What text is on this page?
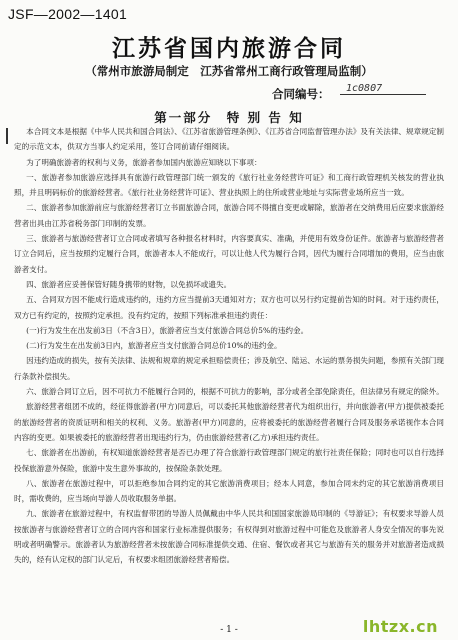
JSF—2002—1401
江苏省国内旅游合同
（常州市旅游局制定　江苏省常州工商行政管理局监制）
合同编号：	1c0807
第一部分　特 别 告 知

本合同文本是根据《中华人民共和国合同法》、《江苏省旅游管理条例》、《江苏省合同监督管理办法》及有关法律、规章规定制定的示范文本，供双方当事人约定采用，签订合同前请仔细阅读。

为了明确旅游者的权利与义务，旅游者参加国内旅游应知晓以下事项：

一、旅游者参加旅游应选择具有旅游行政管理部门统一颁发的《旅行社业务经营许可证》和工商行政管理机关核发的营业执照，并且明码标价的旅游经营者。《旅行社业务经营许可证》、营业执照上的住所或营业地址与实际营业场所应当一致。

二、旅游者参加旅游前应与旅游经营者订立书面旅游合同，旅游合同不得擅自变更或解除，旅游者在交纳费用后应要求旅游经营者出具由江苏省税务部门印制的发票。

三、旅游者与旅游经营者订立合同或者填写各种报名材料时，内容要真实、准确，并使用有效身份证件。旅游者与旅游经营者订立合同后，应当按照约定履行合同，旅游者本人不能成行，可以让他人代为履行合同，因代为履行合同增加的费用，应当由旅游者支付。

四、旅游者应妥善保管好随身携带的财物，以免损坏或遗失。

五、合同双方因不能成行造成违约的，违约方应当提前3天通知对方；双方也可以另行约定提前告知的时间。对于违约责任，双方已有约定的，按照约定承担。没有约定的，按照下列标准承担违约责任：

(一)行为发生在出发前3日（不含3日），旅游者应当支付旅游合同总价5%的违约金。

(二)行为发生在出发前3日内，旅游者应当支付旅游合同总价10%的违约金。

因违约造成的损失，按有关法律、法规和规章的规定承担赔偿责任；涉及航空、陆运、水运的票务损失问题，参照有关部门现行条款补偿损失。

六、旅游合同订立后，因不可抗力不能履行合同的，根据不可抗力的影响，部分或者全部免除责任，但法律另有规定的除外。

旅游经营者组团不成的，经征得旅游者(甲方)同意后，可以委托其他旅游经营者代为组织出行，并向旅游者(甲方)提供被委托的旅游经营者的资质证明和相关的权利、义务。旅游者(甲方)同意的，应将被委托的旅游经营者履行合同及服务承诺视作本合同内容的变更。如果被委托的旅游经营者出现违约行为，仍由旅游经营者(乙方)承担违约责任。

七、旅游者在出游前，有权知道旅游经营者是否已办理了符合旅游行政管理部门规定的旅行社责任保险；同时也可以自行选择投保旅游意外保险，旅游中发生意外事故的，按保险条款处理。

八、旅游者在旅游过程中，可以拒绝参加合同约定的其它旅游消费项目；经本人同意，参加合同未约定的其它旅游消费项目时，需收费的，应当场向导游人员收取服务单据。

九、旅游者在旅游过程中，有权监督带团的导游人员佩戴由中华人民共和国国家旅游局印制的《导游证》；有权要求导游人员按旅游者与旅游经营者订立的合同内容和国家行业标准提供服务；有权得到对旅游过程中可能危及旅游者人身安全情况的事先说明或者明确警示。旅游者认为旅游经营者未按旅游合同标准提供交通、住宿、餐饮或者其它与旅游有关的服务并对旅游者造成损失的，经有认定权的部门认定后，有权要求组团旅游经营者赔偿。

- 1 -	lhtzx.cn
